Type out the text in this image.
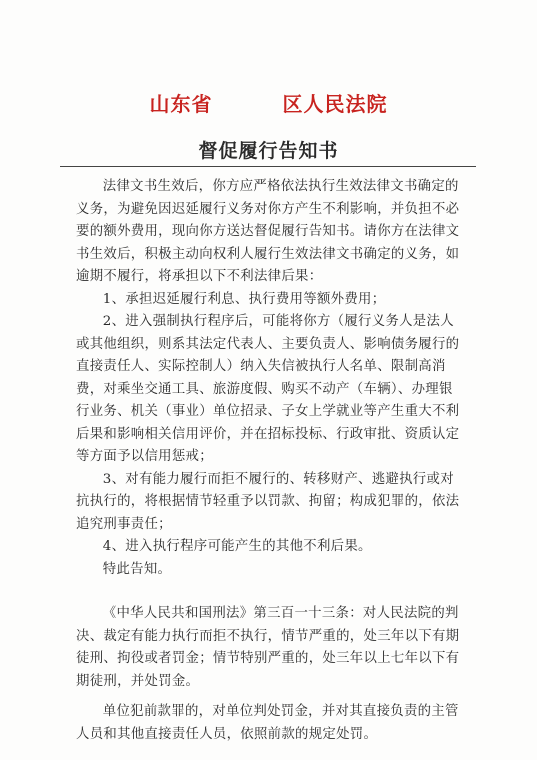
山东省	区人民法院
督促履行告知书

法律文书生效后，你方应严格依法执行生效法律文书确定的义务，为避免因迟延履行义务对你方产生不利影响，并负担不必要的额外费用，现向你方送达督促履行告知书。请你方在法律文书生效后，积极主动向权利人履行生效法律文书确定的义务，如逾期不履行，将承担以下不利法律后果：

1、承担迟延履行利息、执行费用等额外费用；

2、进入强制执行程序后，可能将你方（履行义务人是法人或其他组织，则系其法定代表人、主要负责人、影响债务履行的直接责任人、实际控制人）纳入失信被执行人名单、限制高消费，对乘坐交通工具、旅游度假、购买不动产（车辆）、办理银行业务、机关（事业）单位招录、子女上学就业等产生重大不利后果和影响相关信用评价，并在招标投标、行政审批、资质认定等方面予以信用惩戒；

3、对有能力履行而拒不履行的、转移财产、逃避执行或对抗执行的，将根据情节轻重予以罚款、拘留；构成犯罪的，依法追究刑事责任；

4、进入执行程序可能产生的其他不利后果。

特此告知。

《中华人民共和国刑法》第三百一十三条：对人民法院的判决、裁定有能力执行而拒不执行，情节严重的，处三年以下有期徒刑、拘役或者罚金；情节特别严重的，处三年以上七年以下有期徒刑，并处罚金。

单位犯前款罪的，对单位判处罚金，并对其直接负责的主管人员和其他直接责任人员，依照前款的规定处罚。
